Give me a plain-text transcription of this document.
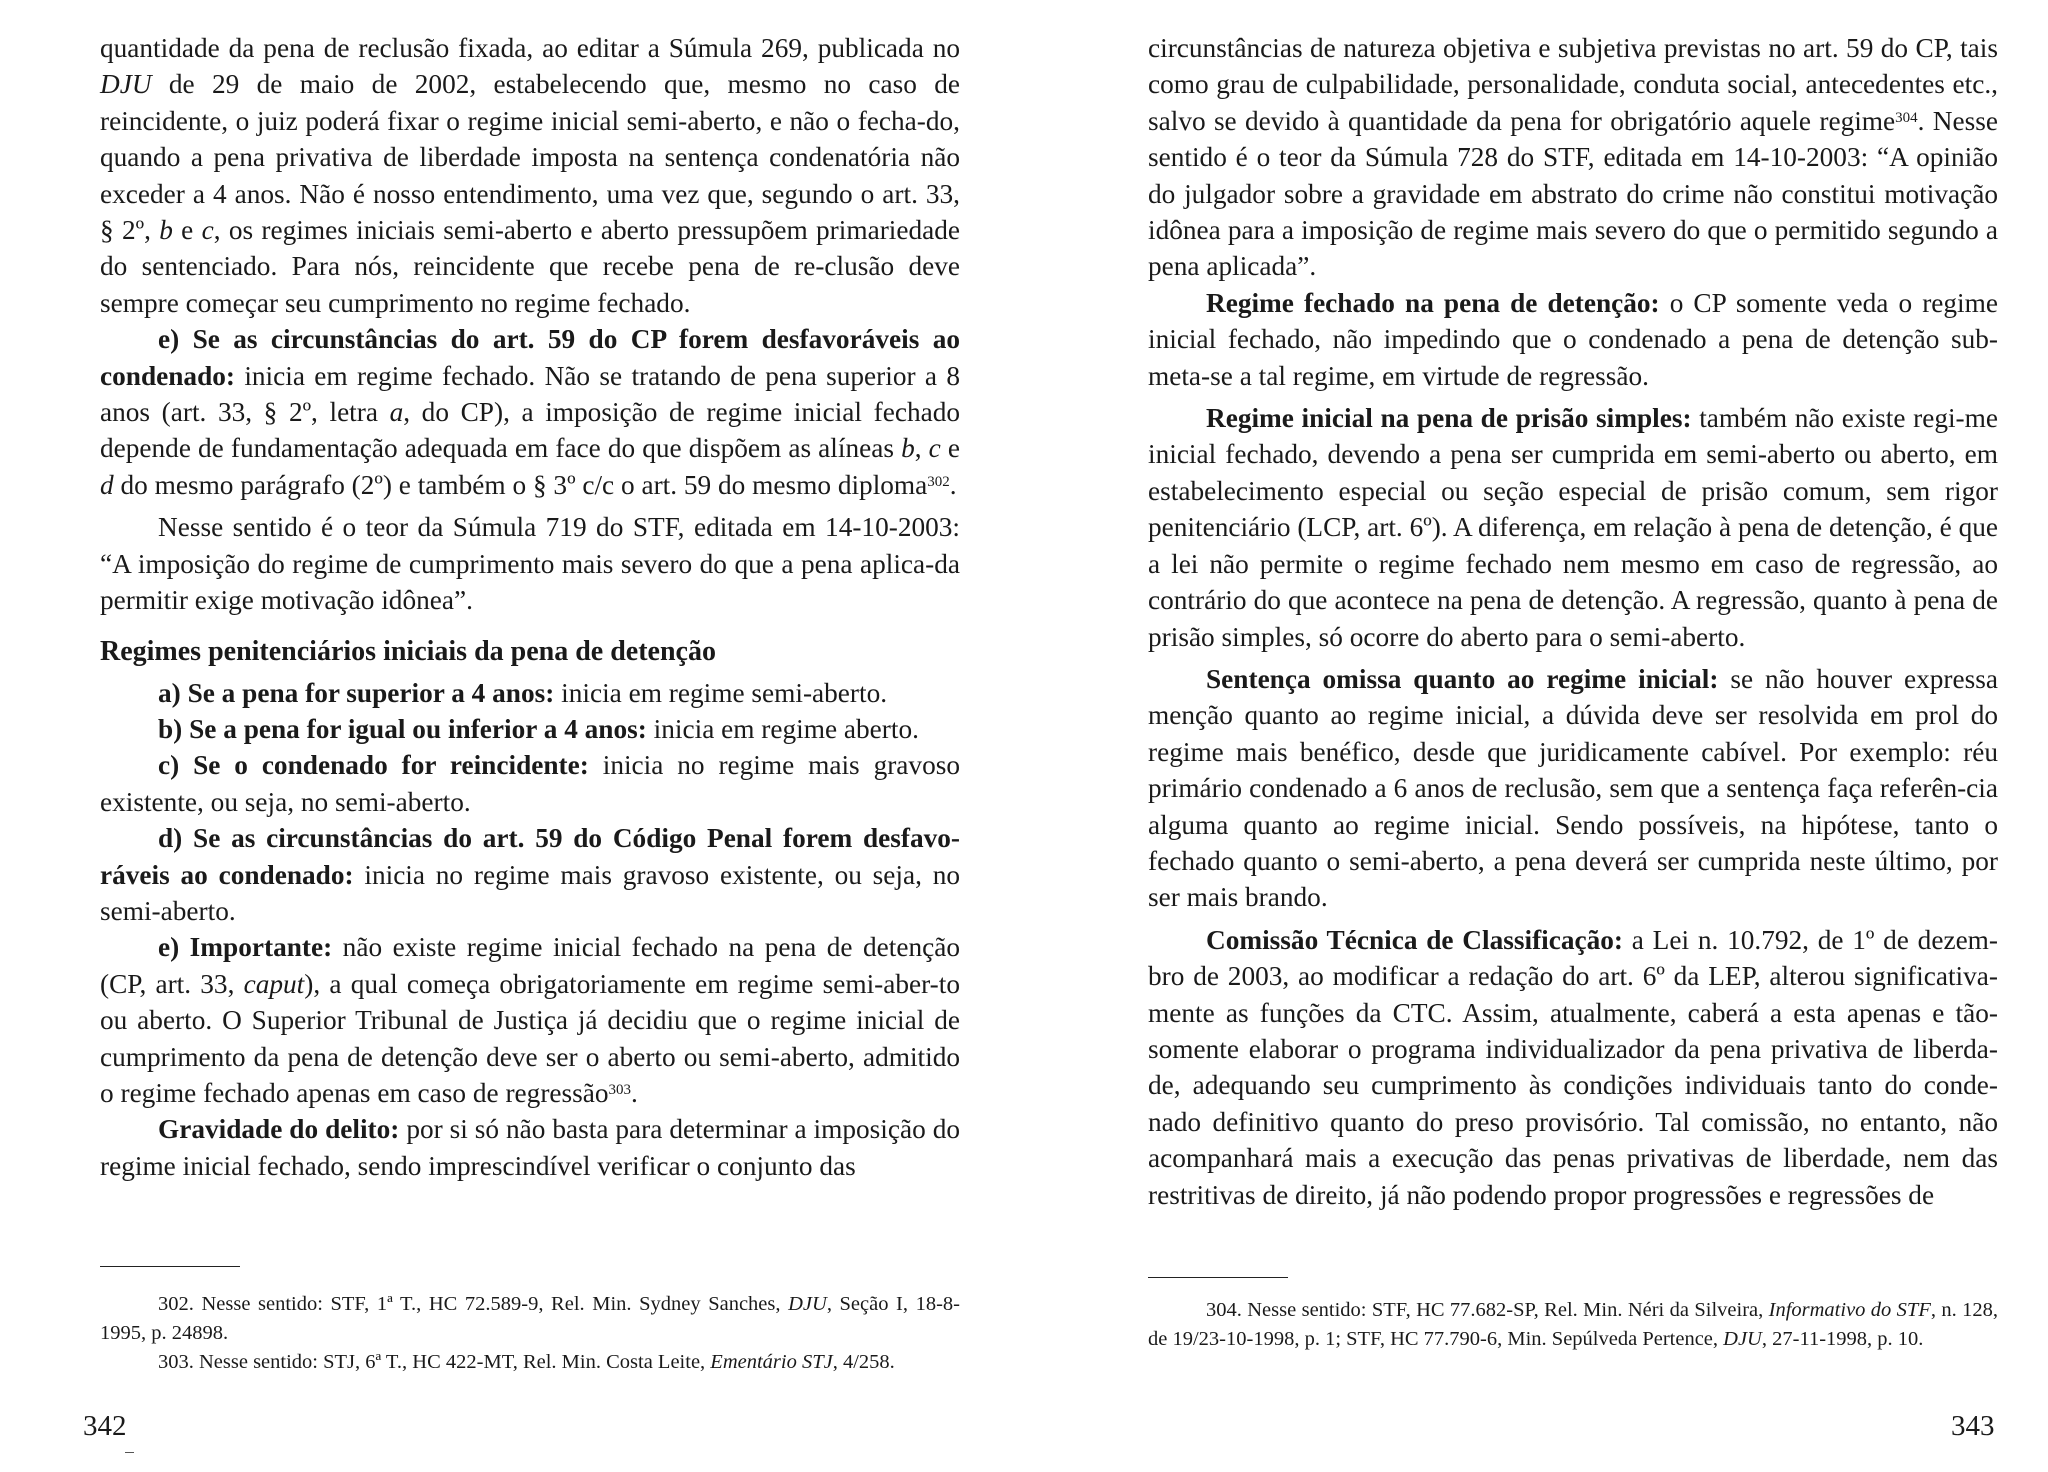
quantidade da pena de reclusão fixada, ao editar a Súmula 269, publicada no DJU de 29 de maio de 2002, estabelecendo que, mesmo no caso de reincidente, o juiz poderá fixar o regime inicial semi-aberto, e não o fecha-do, quando a pena privativa de liberdade imposta na sentença condenatória não exceder a 4 anos. Não é nosso entendimento, uma vez que, segundo o art. 33, § 2º, b e c, os regimes iniciais semi-aberto e aberto pressupõem primariedade do sentenciado. Para nós, reincidente que recebe pena de re-clusão deve sempre começar seu cumprimento no regime fechado.

e) Se as circunstâncias do art. 59 do CP forem desfavoráveis ao condenado: inicia em regime fechado. Não se tratando de pena superior a 8 anos (art. 33, § 2º, letra a, do CP), a imposição de regime inicial fechado depende de fundamentação adequada em face do que dispõem as alíneas b, c e d do mesmo parágrafo (2º) e também o § 3º c/c o art. 59 do mesmo diploma$^{302}$.

Nesse sentido é o teor da Súmula 719 do STF, editada em 14-10-2003: “A imposição do regime de cumprimento mais severo do que a pena aplica-da permitir exige motivação idônea”.

Regimes penitenciários iniciais da pena de detenção

a) Se a pena for superior a 4 anos: inicia em regime semi-aberto.

b) Se a pena for igual ou inferior a 4 anos: inicia em regime aberto.

c) Se o condenado for reincidente: inicia no regime mais gravoso existente, ou seja, no semi-aberto.

d) Se as circunstâncias do art. 59 do Código Penal forem desfavo-ráveis ao condenado: inicia no regime mais gravoso existente, ou seja, no semi-aberto.

e) Importante: não existe regime inicial fechado na pena de detenção (CP, art. 33, caput), a qual começa obrigatoriamente em regime semi-aber-to ou aberto. O Superior Tribunal de Justiça já decidiu que o regime inicial de cumprimento da pena de detenção deve ser o aberto ou semi-aberto, admitido o regime fechado apenas em caso de regressão$^{303}$.

Gravidade do delito: por si só não basta para determinar a imposição do regime inicial fechado, sendo imprescindível verificar o conjunto das

302. Nesse sentido: STF, 1ª T., HC 72.589-9, Rel. Min. Sydney Sanches, DJU, Seção I, 18-8-1995, p. 24898.

303. Nesse sentido: STJ, 6ª T., HC 422-MT, Rel. Min. Costa Leite, Ementário STJ, 4/258.

342

circunstâncias de natureza objetiva e subjetiva previstas no art. 59 do CP, tais como grau de culpabilidade, personalidade, conduta social, antecedentes etc., salvo se devido à quantidade da pena for obrigatório aquele regime$^{304}$. Nesse sentido é o teor da Súmula 728 do STF, editada em 14-10-2003: “A opinião do julgador sobre a gravidade em abstrato do crime não constitui motivação idônea para a imposição de regime mais severo do que o permitido segundo a pena aplicada”.

Regime fechado na pena de detenção: o CP somente veda o regime inicial fechado, não impedindo que o condenado a pena de detenção sub-meta-se a tal regime, em virtude de regressão.

Regime inicial na pena de prisão simples: também não existe regi-me inicial fechado, devendo a pena ser cumprida em semi-aberto ou aberto, em estabelecimento especial ou seção especial de prisão comum, sem rigor penitenciário (LCP, art. 6º). A diferença, em relação à pena de detenção, é que a lei não permite o regime fechado nem mesmo em caso de regressão, ao contrário do que acontece na pena de detenção. A regressão, quanto à pena de prisão simples, só ocorre do aberto para o semi-aberto.

Sentença omissa quanto ao regime inicial: se não houver expressa menção quanto ao regime inicial, a dúvida deve ser resolvida em prol do regime mais benéfico, desde que juridicamente cabível. Por exemplo: réu primário condenado a 6 anos de reclusão, sem que a sentença faça referên-cia alguma quanto ao regime inicial. Sendo possíveis, na hipótese, tanto o fechado quanto o semi-aberto, a pena deverá ser cumprida neste último, por ser mais brando.

Comissão Técnica de Classificação: a Lei n. 10.792, de 1º de dezem-bro de 2003, ao modificar a redação do art. 6º da LEP, alterou significativa-mente as funções da CTC. Assim, atualmente, caberá a esta apenas e tão-somente elaborar o programa individualizador da pena privativa de liberda-de, adequando seu cumprimento às condições individuais tanto do conde-nado definitivo quanto do preso provisório. Tal comissão, no entanto, não acompanhará mais a execução das penas privativas de liberdade, nem das restritivas de direito, já não podendo propor progressões e regressões de

304. Nesse sentido: STF, HC 77.682-SP, Rel. Min. Néri da Silveira, Informativo do STF, n. 128, de 19/23-10-1998, p. 1; STF, HC 77.790-6, Min. Sepúlveda Pertence, DJU, 27-11-1998, p. 10.

343
